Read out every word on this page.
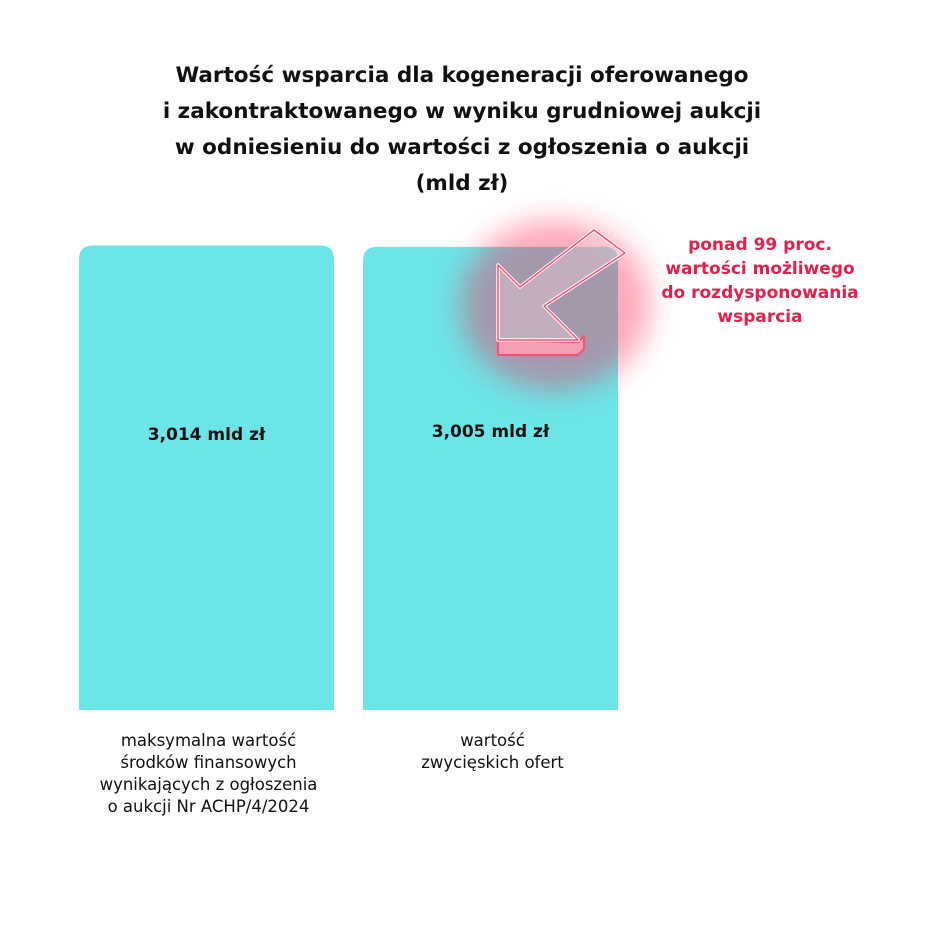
Wartość wsparcia dla kogeneracji oferowanego
i zakontraktowanego w wyniku grudniowej aukcji
w odniesieniu do wartości z ogłoszenia o aukcji
(mld zł)
3,014 mld zł
maksymalna wartość
środków finansowych
wynikających z ogłoszenia
o aukcji Nr ACHP/4/2024
3,005 mld zł
wartość
zwycięskich ofert
ponad 99 proc.
wartości możliwego
do rozdysponowania
wsparcia
